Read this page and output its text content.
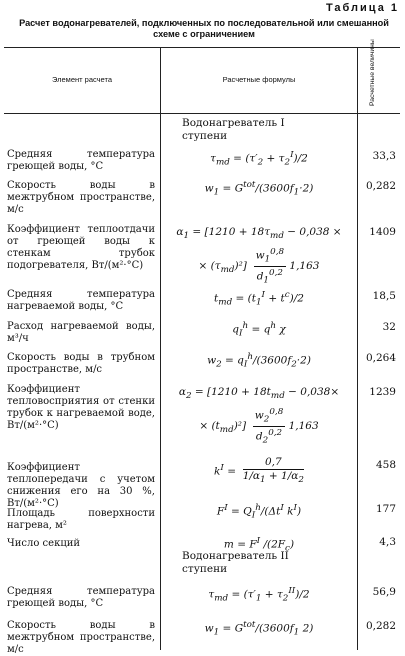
Таблица 1
Расчет водонагревателей, подключенных по последовательной или смешанной схеме с ограничением
Элемент расчета	Расчетные формулы	Расчетные величины
Водонагреватель I ступени
Средняя температура греющей воды, °С
$\tau_{md} = (\tau'_2 + \tau_2^I)/2$	33,3
Скорость воды в межтрубном пространстве, м/с
$w_1 = G^{tot}/(3600f_1\cdot 2)$	0,282
Коэффициент теплоотдачи от греющей воды к стенкам трубок подогревателя, Вт/(м²·°С)
$\alpha_1 = [1210 + 18\tau_{md} - 0,038$ ×
× $(\tau_{md})^2] \frac{w_1^{0,8}}{d_1^{0,2}} 1,163$
1409
Средняя температура нагреваемой воды, °С
$t_{md} = (t_1^I + t^c)/2$	18,5
Расход нагреваемой воды, м³/ч
$q_I^h = q^h$ χ	32
Скорость воды в трубном пространстве, м/с
$w_2 = q_I^h/(3600f_2\cdot 2)$	0,264
Коэффициент тепловосприятия от стенки трубок к нагреваемой воде, Вт/(м²·°С)
$\alpha_2 = [1210 + 18t_{md} - 0,038\times$
× $(t_{md})^2] \frac{w_2^{0,8}}{d_2^{0,2}} 1,163$
1239
Коэффициент теплопередачи с учетом снижения его на 30 %, Вт/(м²·°С)
$k^I = \frac{0,7}{1/\alpha_1 + 1/\alpha_2}$	458
Площадь поверхности нагрева, м²
$F^I = Q_I^h/(\Delta t^I$ $k^I$)	177
Число секций	$m = F^I$ $/(2F_c)$	4,3
Водонагреватель II ступени
Средняя температура греющей воды, °С
$\tau_{md} = (\tau'_1 + \tau_2^{II})/2$	56,9
Скорость воды в межтрубном пространстве, м/с
$w_1 = G^{tot}/(3600f_1$ 2)	0,282
